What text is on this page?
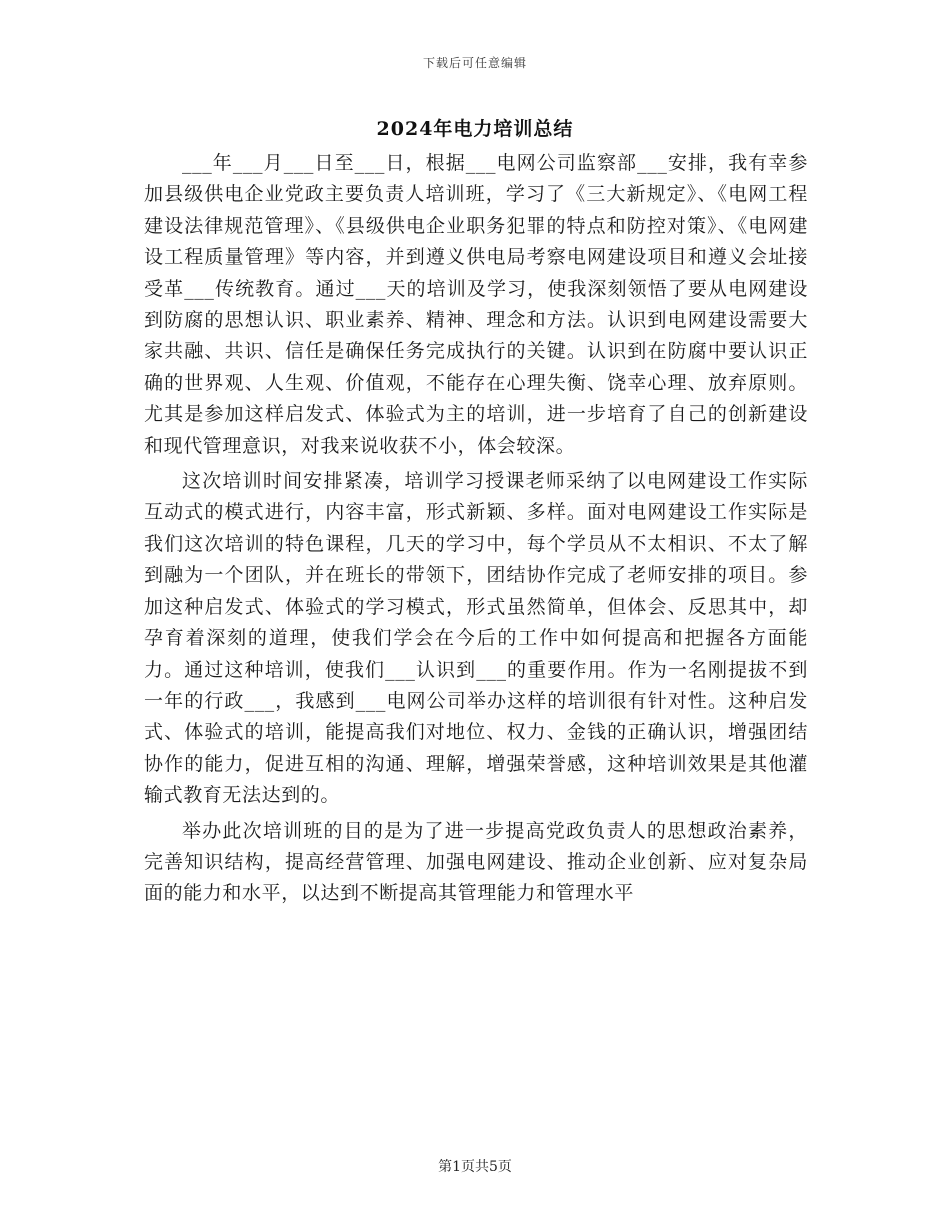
下载后可任意编辑
2024年电力培训总结

___年___月___日至___日，根据___电网公司监察部___安排，我有幸参加县级供电企业党政主要负责人培训班，学习了《三大新规定》、《电网工程建设法律规范管理》、《县级供电企业职务犯罪的特点和防控对策》、《电网建设工程质量管理》等内容，并到遵义供电局考察电网建设项目和遵义会址接受革___传统教育。通过___天的培训及学习，使我深刻领悟了要从电网建设到防腐的思想认识、职业素养、精神、理念和方法。认识到电网建设需要大家共融、共识、信任是确保任务完成执行的关键。认识到在防腐中要认识正确的世界观、人生观、价值观，不能存在心理失衡、饶幸心理、放弃原则。尤其是参加这样启发式、体验式为主的培训，进一步培育了自己的创新建设和现代管理意识，对我来说收获不小，体会较深。

这次培训时间安排紧凑，培训学习授课老师采纳了以电网建设工作实际互动式的模式进行，内容丰富，形式新颖、多样。面对电网建设工作实际是我们这次培训的特色课程，几天的学习中，每个学员从不太相识、不太了解到融为一个团队，并在班长的带领下，团结协作完成了老师安排的项目。参加这种启发式、体验式的学习模式，形式虽然简单，但体会、反思其中，却孕育着深刻的道理，使我们学会在今后的工作中如何提高和把握各方面能力。通过这种培训，使我们___认识到___的重要作用。作为一名刚提拔不到一年的行政___，我感到___电网公司举办这样的培训很有针对性。这种启发式、体验式的培训，能提高我们对地位、权力、金钱的正确认识，增强团结协作的能力，促进互相的沟通、理解，增强荣誉感，这种培训效果是其他灌输式教育无法达到的。

举办此次培训班的目的是为了进一步提高党政负责人的思想政治素养，完善知识结构，提高经营管理、加强电网建设、推动企业创新、应对复杂局面的能力和水平，以达到不断提高其管理能力和管理水平

第1页共5页
